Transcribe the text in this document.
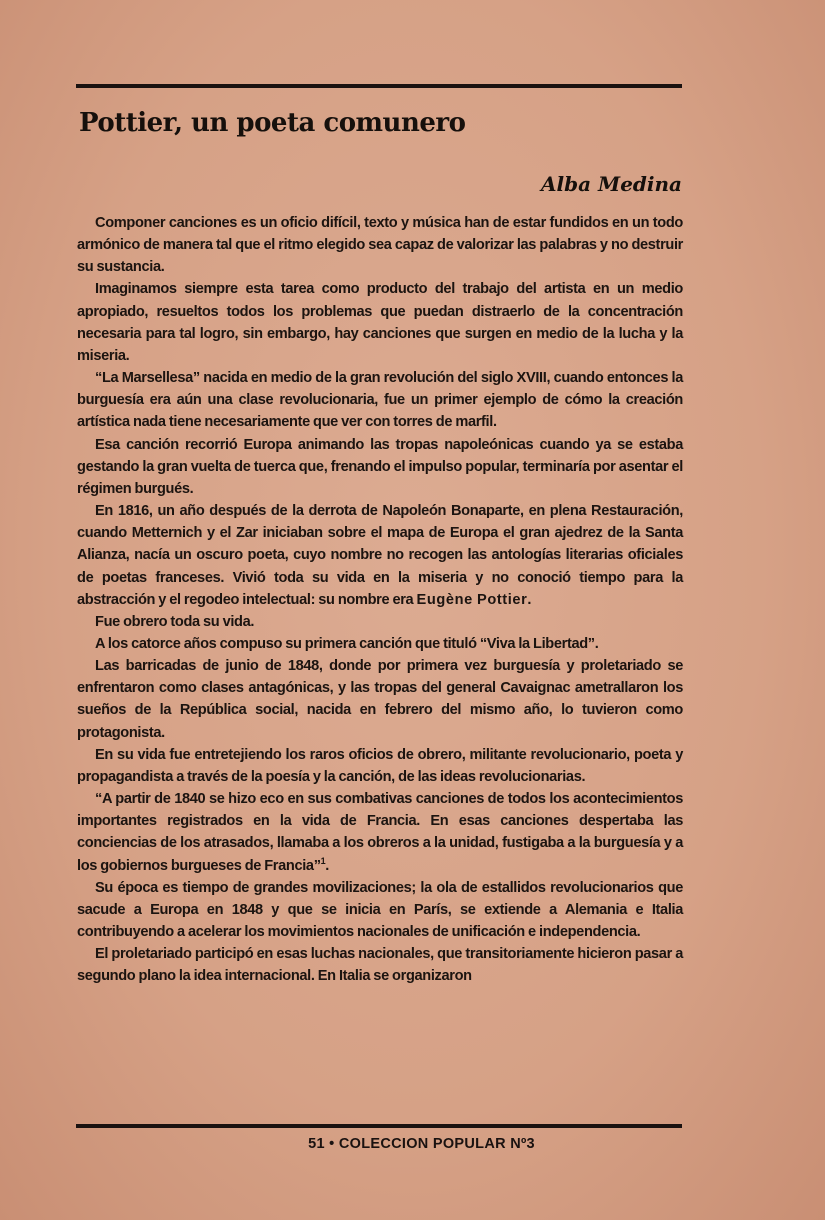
Pottier, un poeta comunero
Alba Medina

Componer canciones es un oficio difícil, texto y música han de estar fundidos en un todo armónico de manera tal que el ritmo elegido sea capaz de valorizar las palabras y no destruir su sustancia.

Imaginamos siempre esta tarea como producto del trabajo del artista en un medio apropiado, resueltos todos los problemas que puedan distraerlo de la concentración necesaria para tal logro, sin embargo, hay canciones que surgen en medio de la lucha y la miseria.

“La Marsellesa” nacida en medio de la gran revolución del siglo XVIII, cuando entonces la burguesía era aún una clase revolucionaria, fue un primer ejemplo de cómo la creación artística nada tiene necesariamente que ver con torres de marfil.

Esa canción recorrió Europa animando las tropas napoleónicas cuando ya se estaba gestando la gran vuelta de tuerca que, frenando el impulso popular, terminaría por asentar el régimen burgués.

En 1816, un año después de la derrota de Napoleón Bonaparte, en plena Restauración, cuando Metternich y el Zar iniciaban sobre el mapa de Europa el gran ajedrez de la Santa Alianza, nacía un oscuro poeta, cuyo nombre no recogen las antologías literarias oficiales de poetas franceses. Vivió toda su vida en la miseria y no conoció tiempo para la abstracción y el regodeo intelectual: su nombre era Eugène Pottier.

Fue obrero toda su vida.

A los catorce años compuso su primera canción que tituló “Viva la Libertad”.

Las barricadas de junio de 1848, donde por primera vez burguesía y proletariado se enfrentaron como clases antagónicas, y las tropas del general Cavaignac ametrallaron los sueños de la República social, nacida en febrero del mismo año, lo tuvieron como protagonista.

En su vida fue entretejiendo los raros oficios de obrero, militante revolucionario, poeta y propagandista a través de la poesía y la canción, de las ideas revolucionarias.

“A partir de 1840 se hizo eco en sus combativas canciones de todos los acontecimientos importantes registrados en la vida de Francia. En esas canciones despertaba las conciencias de los atrasados, llamaba a los obreros a la unidad, fustigaba a la burguesía y a los gobiernos burgueses de Francia”$^1$.

Su época es tiempo de grandes movilizaciones; la ola de estallidos revolucionarios que sacude a Europa en 1848 y que se inicia en París, se extiende a Alemania e Italia contribuyendo a acelerar los movimientos nacionales de unificación e independencia.

El proletariado participó en esas luchas nacionales, que transitoriamente hicieron pasar a segundo plano la idea internacional. En Italia se organizaron

51 • COLECCION POPULAR Nº3
